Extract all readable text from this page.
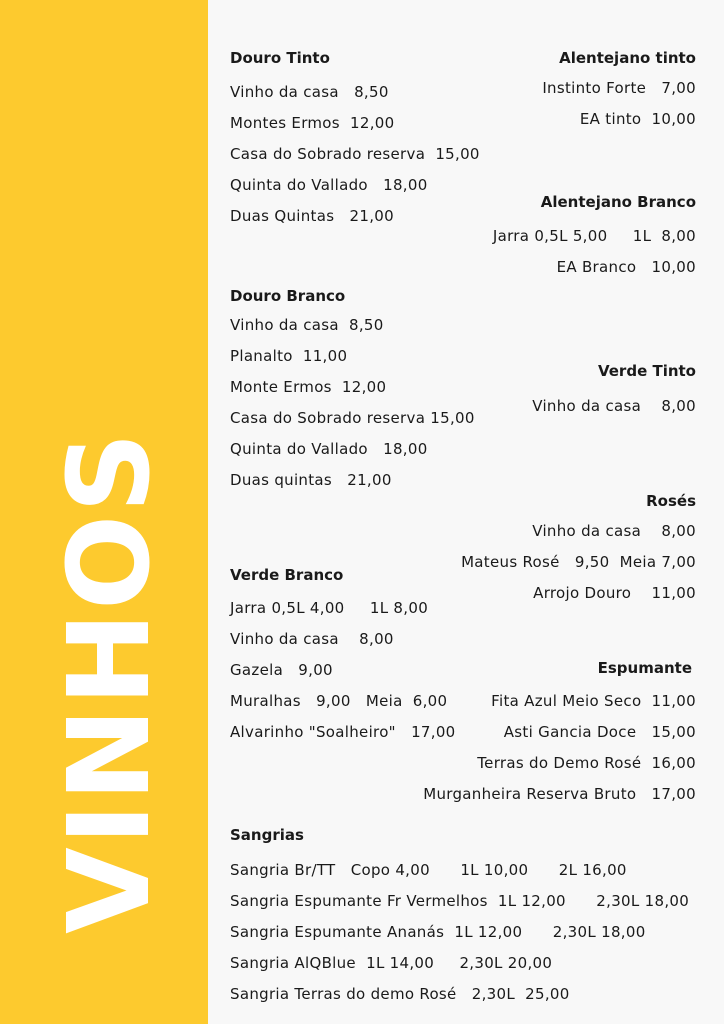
VINHOS
Douro Tinto
Vinho da casa   8,50
Montes Ermos  12,00
Casa do Sobrado reserva  15,00
Quinta do Vallado   18,00
Duas Quintas   21,00
Douro Branco
Vinho da casa  8,50
Planalto  11,00
Monte Ermos  12,00
Casa do Sobrado reserva 15,00
Quinta do Vallado   18,00
Duas quintas   21,00
Verde Branco
Jarra 0,5L 4,00     1L 8,00
Vinho da casa    8,00
Gazela   9,00
Muralhas   9,00   Meia  6,00
Alvarinho "Soalheiro"   17,00
Sangrias
Sangria Br/TT   Copo 4,00      1L 10,00      2L 16,00
Sangria Espumante Fr Vermelhos  1L 12,00      2,30L 18,00
Sangria Espumante Ananás  1L 12,00      2,30L 18,00
Sangria AlQBlue  1L 14,00     2,30L 20,00
Sangria Terras do demo Rosé   2,30L  25,00
Alentejano tinto
Instinto Forte   7,00
EA tinto  10,00
Alentejano Branco
Jarra 0,5L 5,00     1L  8,00
EA Branco   10,00
Verde Tinto
Vinho da casa    8,00
Rosés
Vinho da casa    8,00
Mateus Rosé   9,50  Meia 7,00
Arrojo Douro    11,00
Espumante
Fita Azul Meio Seco  11,00
Asti Gancia Doce   15,00
Terras do Demo Rosé  16,00
Murganheira Reserva Bruto   17,00
